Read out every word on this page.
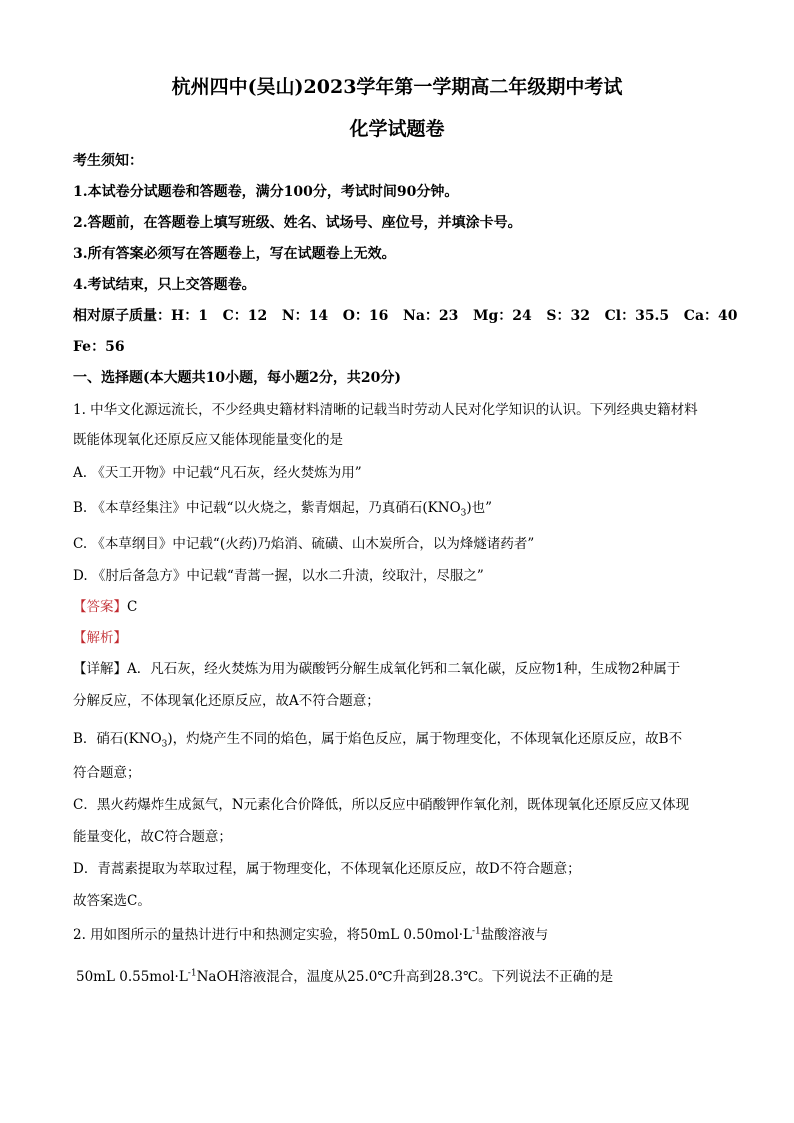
杭州四中(吴山)2023学年第一学期高二年级期中考试
化学试题卷
考生须知：
1.本试卷分试题卷和答题卷，满分100分，考试时间90分钟。
2.答题前，在答题卷上填写班级、姓名、试场号、座位号，并填涂卡号。
3.所有答案必须写在答题卷上，写在试题卷上无效。
4.考试结束，只上交答题卷。
相对原子质量：H：1   C：12   N：14   O：16   Na：23   Mg：24   S：32   Cl：35.5   Ca：40
Fe：56
一、选择题(本大题共10小题，每小题2分，共20分)
1. 中华文化源远流长，不少经典史籍材料清晰的记载当时劳动人民对化学知识的认识。下列经典史籍材料
既能体现氧化还原反应又能体现能量变化的是
A. 《天工开物》中记载“凡石灰，经火焚炼为用”
B. 《本草经集注》中记载“以火烧之，紫青烟起，乃真硝石$(KNO_3)$也”
C. 《本草纲目》中记载“(火药)乃焰消、硫磺、山木炭所合，以为烽燧诸药者”
D. 《肘后备急方》中记载“青蒿一握，以水二升渍，绞取汁，尽服之”
【答案】C
【解析】
【详解】A．凡石灰，经火焚炼为用为碳酸钙分解生成氧化钙和二氧化碳，反应物1种，生成物2种属于
分解反应，不体现氧化还原反应，故A不符合题意；
B．硝石$(KNO_3)$，灼烧产生不同的焰色，属于焰色反应，属于物理变化，不体现氧化还原反应，故B不
符合题意；
C．黑火药爆炸生成氮气，N元素化合价降低，所以反应中硝酸钾作氧化剂，既体现氧化还原反应又体现
能量变化，故C符合题意；
D．青蒿素提取为萃取过程，属于物理变化，不体现氧化还原反应，故D不符合题意；
故答案选C。
2. 用如图所示的量热计进行中和热测定实验，将50mL $0.50mol\cdot L^{-1}$盐酸溶液与
50mL $0.55mol\cdot L^{-1}NaOH$溶液混合，温度从25.0℃升高到28.3℃。下列说法不正确的是
